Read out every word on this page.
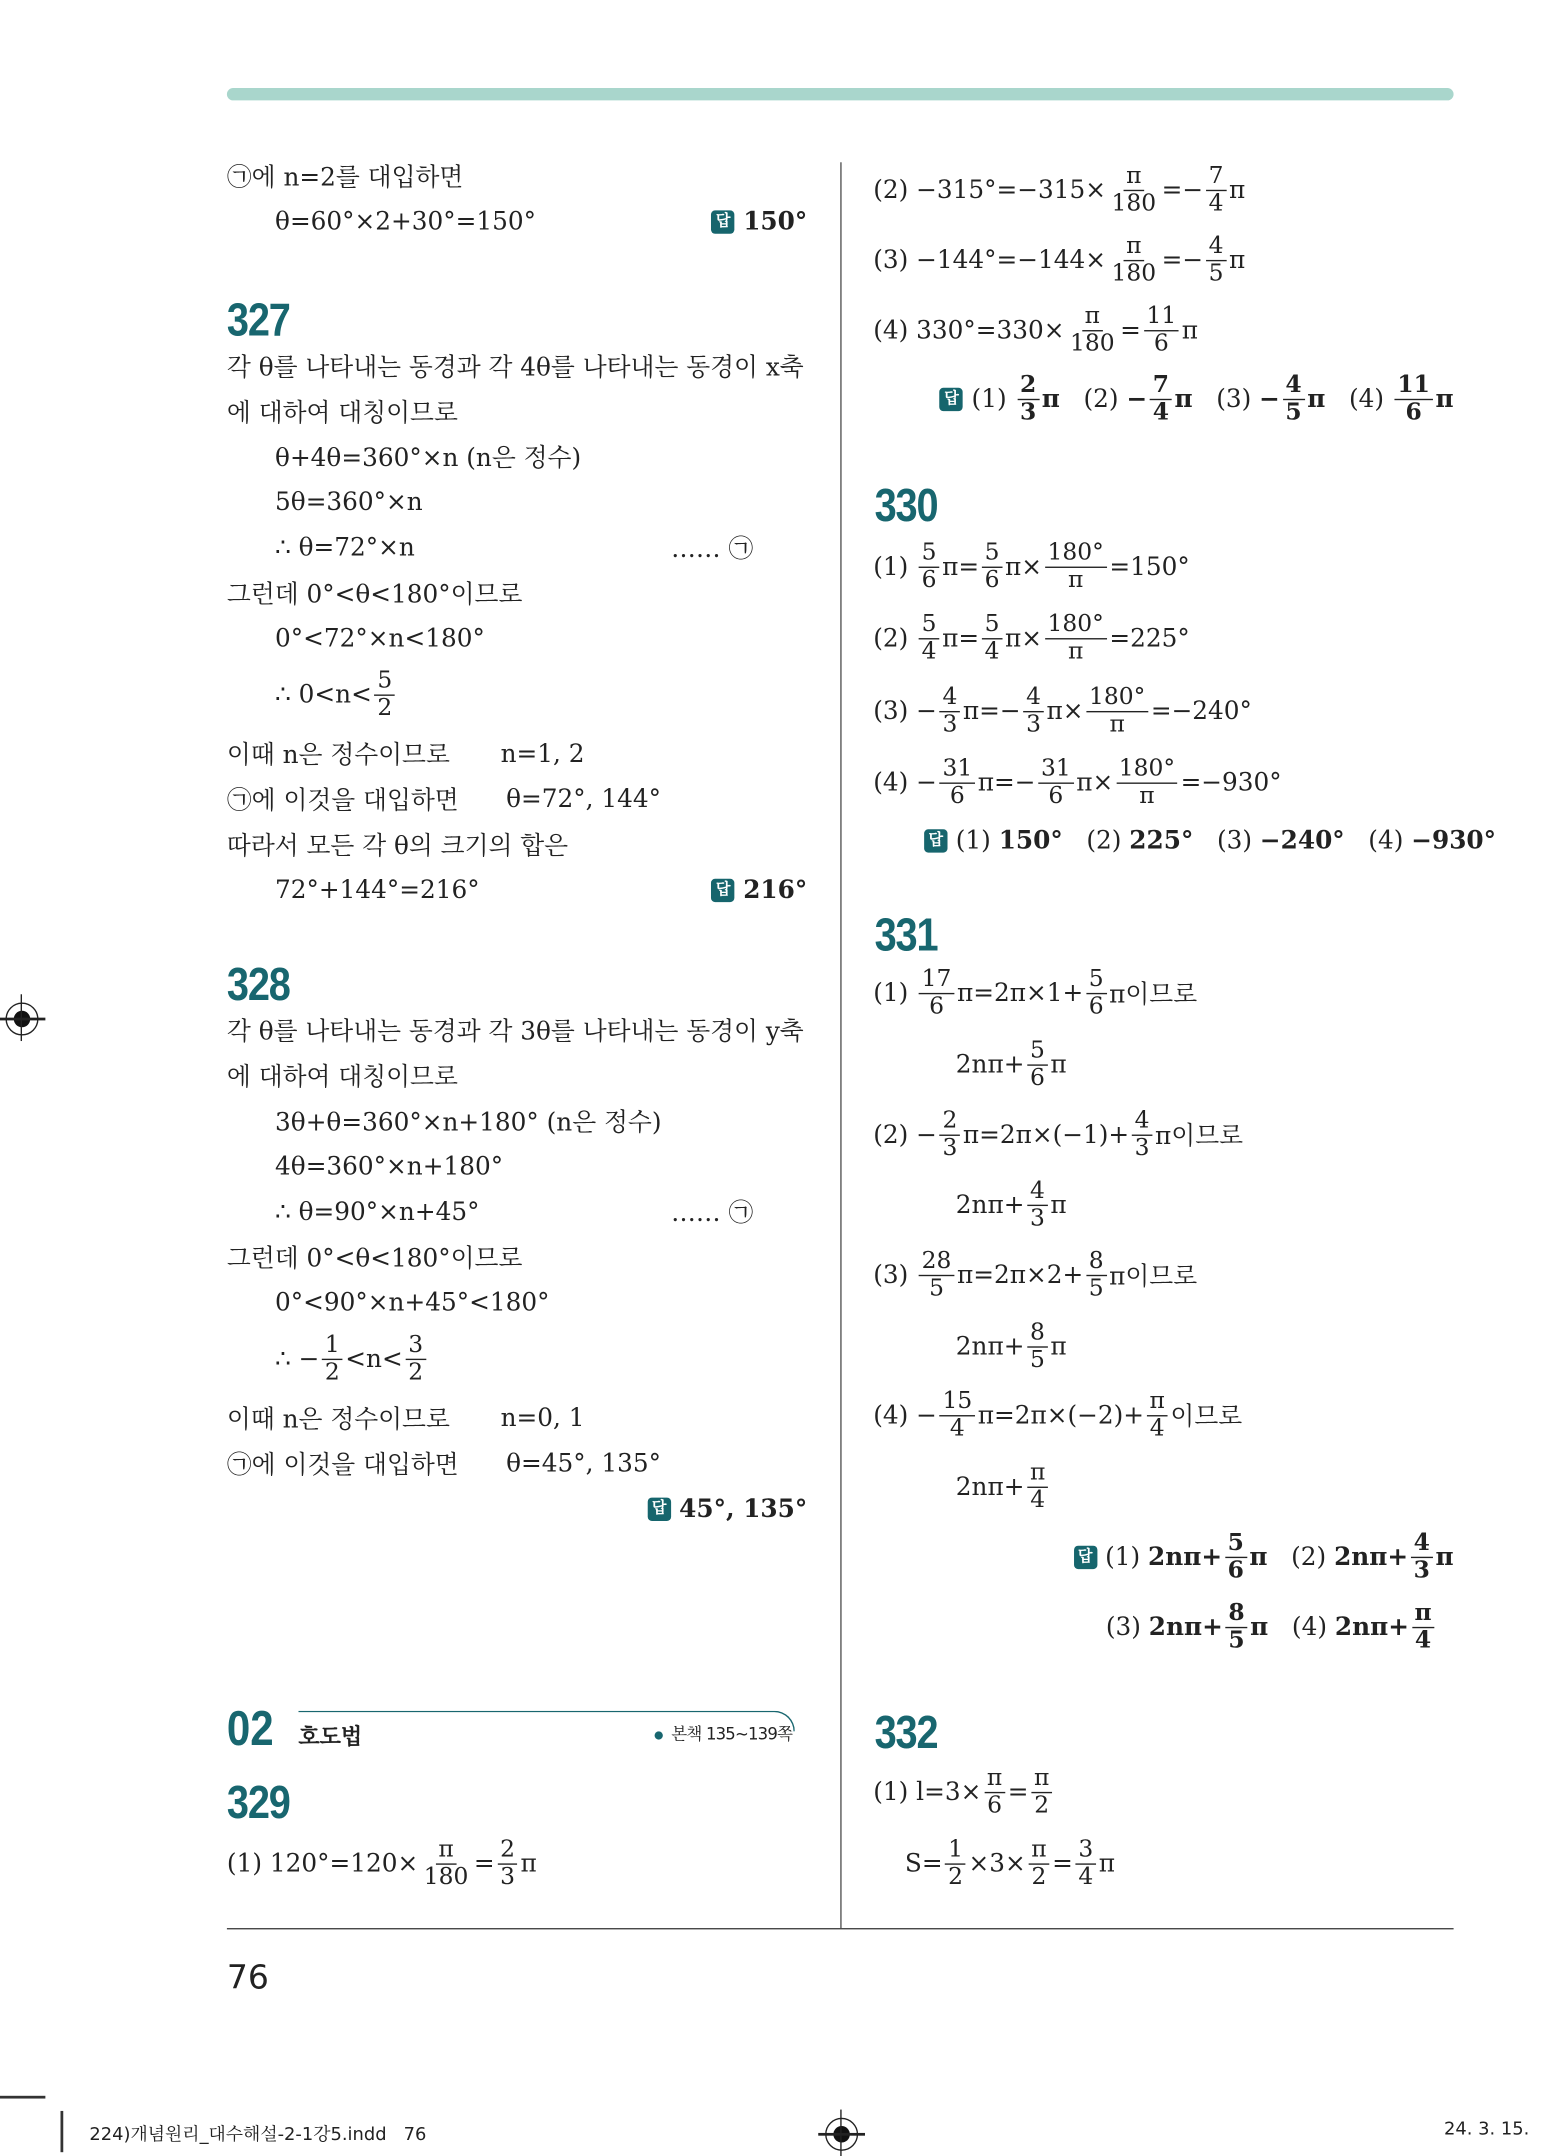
327
328
329
330
331
332
02 호도법	본책 135~139쪽
㉠에 n=2를 대입하면
θ=60°×2+30°=150°	답 150°
각 θ를 나타내는 동경과 각 4θ를 나타내는 동경이 x축
에 대하여 대칭이므로
θ+4θ=360°×n (n은 정수)
5θ=360°×n
∴ θ=72°×n	…… ㉠
그런데 0°<θ<180°이므로
0°<72°×n<180°
∴ $0<n< \frac{5}{2}$
이때 n은 정수이므로	n=1, 2
㉠에 이것을 대입하면	θ=72°, 144°
따라서 모든 각 θ의 크기의 합은
72°+144°=216°	답 216°
각 θ를 나타내는 동경과 각 3θ를 나타내는 동경이 y축
에 대하여 대칭이므로
3θ+θ=360°×n+180° (n은 정수)
4θ=360°×n+180°
∴ θ=90°×n+45°	…… ㉠
그런데 0°<θ<180°이므로
0°<90°×n+45°<180°
∴ − $\frac{1}{2} <n< \frac{3}{2}$
이때 n은 정수이므로	n=0, 1
㉠에 이것을 대입하면	θ=45°, 135°
답 45°, 135°
(1) $120^\circ=120\times \frac{\pi}{180} = \frac{2}{3}$ π
$(2) -315^\circ=-315\times \frac{\pi}{180} =- \frac{7}{4}$ π
$(3) -144^\circ=-144\times \frac{\pi}{180} =- \frac{4}{5}$ π
(4) $330^\circ=330\times \frac{\pi}{180} = \frac{11}{6}$ π
답 $(1) \frac{2}{3}$ π $(2) - \frac{7}{4}$ π $(3) - \frac{4}{5}$ π $(4) \frac{11}{6}$ π
$(1) \frac{5}{6} \pi= \frac{5}{6} \pi\times \frac{180^\circ}{\pi} =150^\circ$
$(2) \frac{5}{4} \pi= \frac{5}{4} \pi\times \frac{180^\circ}{\pi} =225^\circ$
$(3) - \frac{4}{3} \pi=- \frac{4}{3} \pi\times \frac{180^\circ}{\pi} =-240^\circ$
$(4) - \frac{31}{6} \pi=- \frac{31}{6} \pi\times \frac{180^\circ}{\pi} =-930^\circ$
답 (1) 150° (2) 225° (3) −240° (4) −930°
$(1) \frac{17}{6} \pi=2\pi\times 1+ \frac{5}{6}$ π이므로
$2n\pi+ \frac{5}{6}$ π
$(2) - \frac{2}{3} \pi=2\pi\times(-1)+ \frac{4}{3}$ π이므로
$2n\pi+ \frac{4}{3}$ π
$(3) \frac{28}{5} \pi=2\pi\times 2+ \frac{8}{5}$ π이므로
$2n\pi+ \frac{8}{5}$ π
$(4) - \frac{15}{4} \pi=2\pi\times(-2)+ \frac{\pi}{4}$ 이므로
$2n\pi+ \frac{\pi}{4}$
답 (1) $2n\pi+ \frac{5}{6}$ π (2) $2n\pi+ \frac{4}{3}$ π
(3) $2n\pi+ \frac{8}{5}$ π (4) $2n\pi+ \frac{\pi}{4}$
(1) $l=3\times \frac{\pi}{6} = \frac{\pi}{2}$
$S= \frac{1}{2} \times 3\times \frac{\pi}{2} = \frac{3}{4}$ π
76
224)개념원리_대수해설-2-1강5.indd   76	24. 3. 15.
